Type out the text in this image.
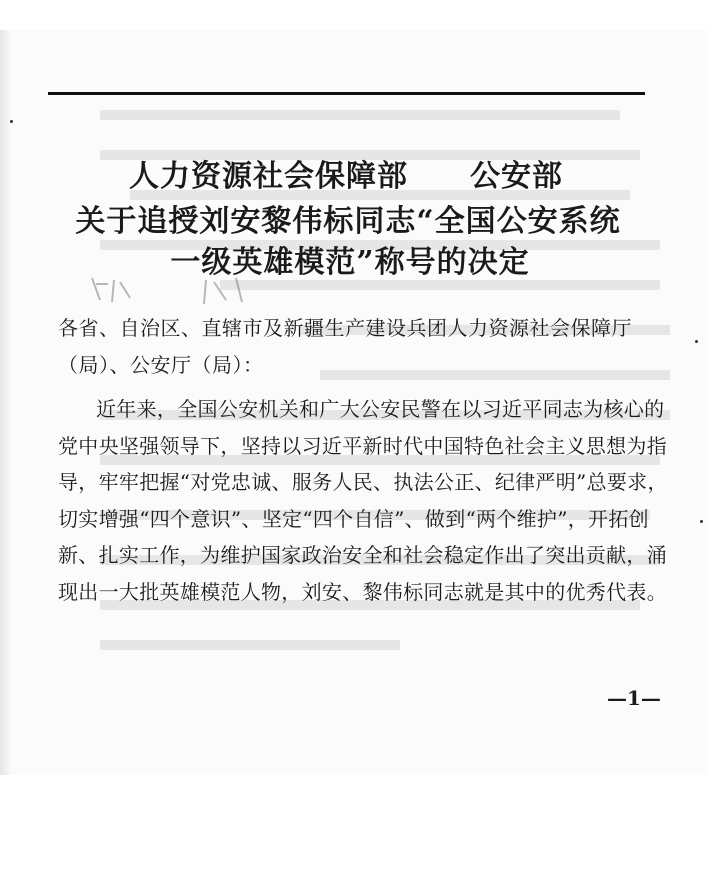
人力资源社会保障部　　公安部
关于追授刘安黎伟标同志“全国公安系统
一级英雄模范”称号的决定
各省、自治区、直辖市及新疆生产建设兵团人力资源社会保障厅（局）、公安厅（局）：
近年来，全国公安机关和广大公安民警在以习近平同志为核心的党中央坚强领导下，坚持以习近平新时代中国特色社会主义思想为指导，牢牢把握“对党忠诚、服务人民、执法公正、纪律严明”总要求，切实增强“四个意识”、坚定“四个自信”、做到“两个维护”，开拓创新、扎实工作，为维护国家政治安全和社会稳定作出了突出贡献，涌现出一大批英雄模范人物，刘安、黎伟标同志就是其中的优秀代表。
—1—
